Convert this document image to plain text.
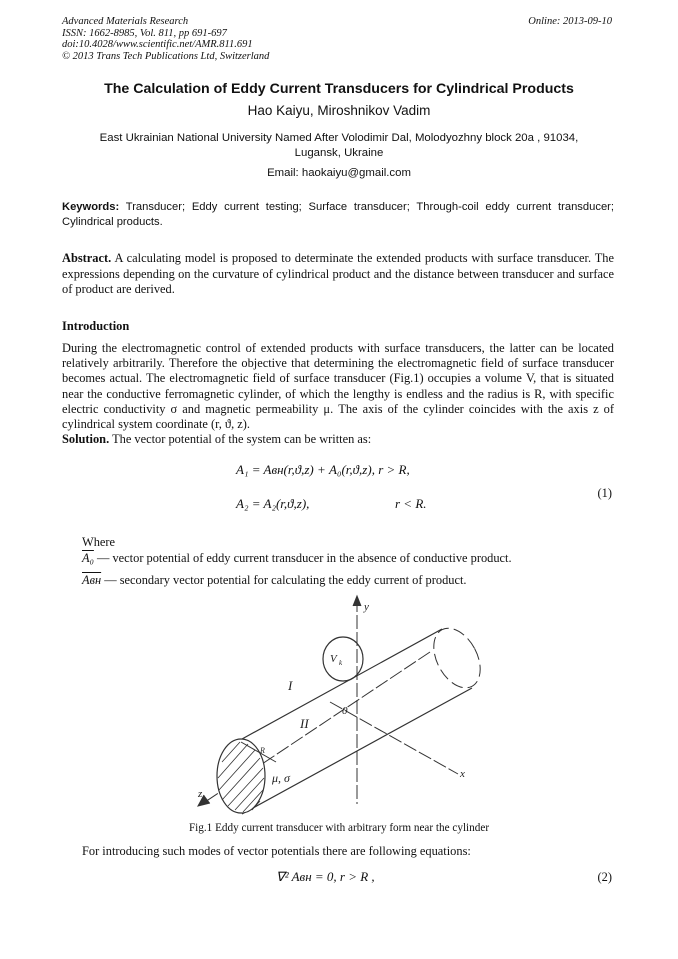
Advanced Materials Research
ISSN: 1662-8985, Vol. 811, pp 691-697
doi:10.4028/www.scientific.net/AMR.811.691
© 2013 Trans Tech Publications Ltd, Switzerland
Online: 2013-09-10
The Calculation of Eddy Current Transducers for Cylindrical Products
Hao Kaiyu, Miroshnikov Vadim
East Ukrainian National University Named After Volodimir Dal, Molodyozhny block 20a , 91034,
Lugansk, Ukraine
Email: haokaiyu@gmail.com
Keywords: Transducer; Eddy current testing; Surface transducer; Through-coil eddy current transducer; Cylindrical products.
Abstract. A calculating model is proposed to determinate the extended products with surface transducer. The expressions depending on the curvature of cylindrical product and the distance between transducer and surface of product are derived.
Introduction
During the electromagnetic control of extended products with surface transducers, the latter can be located relatively arbitrarily. Therefore the objective that determining the electromagnetic field of surface transducer becomes actual. The electromagnetic field of surface transducer (Fig.1) occupies a volume V, that is situated near the conductive ferromagnetic cylinder, of which the lengthy is endless and the radius is R, with specific electric conductivity σ and magnetic permeability μ. The axis of the cylinder coincides with the axis z of cylindrical system coordinate (r, ϑ, z).
Solution. The vector potential of the system can be written as:
A₁ = Aвн(r,ϑ,z) + A₀(r,ϑ,z), r > R,
A₂ = A₂(r,ϑ,z),	r < R.
(1)
Where
A₀ — vector potential of eddy current transducer in the absence of conductive product.
Aвн — secondary vector potential for calculating the eddy current of product.
y
x
z
0
V k
I
II
R
μ, σ
Fig.1 Eddy current transducer with arbitrary form near the cylinder
For introducing such modes of vector potentials there are following equations:
∇² Aвн = 0, r > R ,	(2)
